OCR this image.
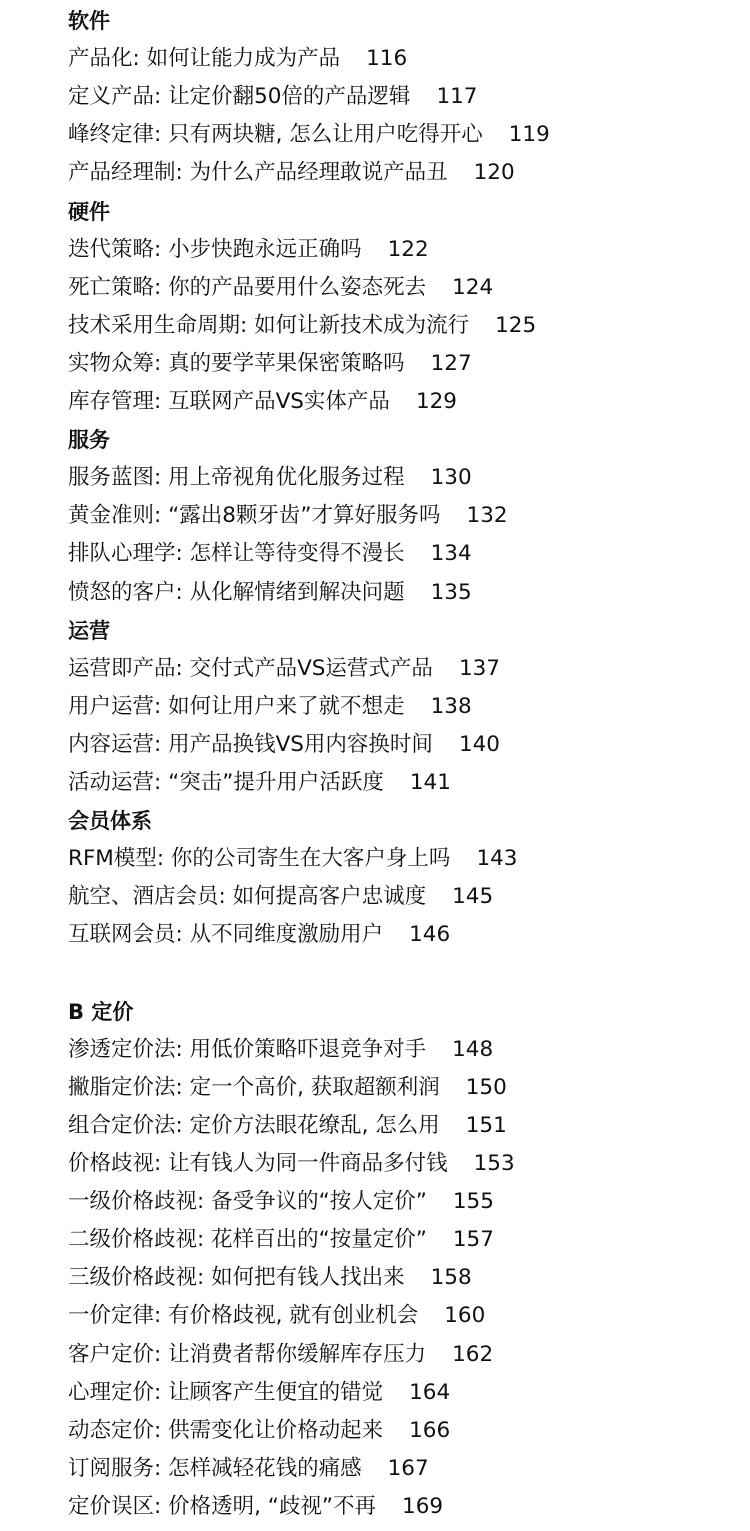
软件
产品化: 如何让能力成为产品 116
定义产品: 让定价翻50倍的产品逻辑 117
峰终定律: 只有两块糖, 怎么让用户吃得开心 119
产品经理制: 为什么产品经理敢说产品丑 120
硬件
迭代策略: 小步快跑永远正确吗 122
死亡策略: 你的产品要用什么姿态死去 124
技术采用生命周期: 如何让新技术成为流行 125
实物众筹: 真的要学苹果保密策略吗 127
库存管理: 互联网产品VS实体产品 129
服务
服务蓝图: 用上帝视角优化服务过程 130
黄金准则: “露出8颗牙齿”才算好服务吗 132
排队心理学: 怎样让等待变得不漫长 134
愤怒的客户: 从化解情绪到解决问题 135
运营
运营即产品: 交付式产品VS运营式产品 137
用户运营: 如何让用户来了就不想走 138
内容运营: 用产品换钱VS用内容换时间 140
活动运营: “突击”提升用户活跃度 141
会员体系
RFM模型: 你的公司寄生在大客户身上吗 143
航空、酒店会员: 如何提高客户忠诚度 145
互联网会员: 从不同维度激励用户 146
B 定价
渗透定价法: 用低价策略吓退竞争对手 148
撇脂定价法: 定一个高价, 获取超额利润 150
组合定价法: 定价方法眼花缭乱, 怎么用 151
价格歧视: 让有钱人为同一件商品多付钱 153
一级价格歧视: 备受争议的“按人定价” 155
二级价格歧视: 花样百出的“按量定价” 157
三级价格歧视: 如何把有钱人找出来 158
一价定律: 有价格歧视, 就有创业机会 160
客户定价: 让消费者帮你缓解库存压力 162
心理定价: 让顾客产生便宜的错觉 164
动态定价: 供需变化让价格动起来 166
订阅服务: 怎样减轻花钱的痛感 167
定价误区: 价格透明, “歧视”不再 169
